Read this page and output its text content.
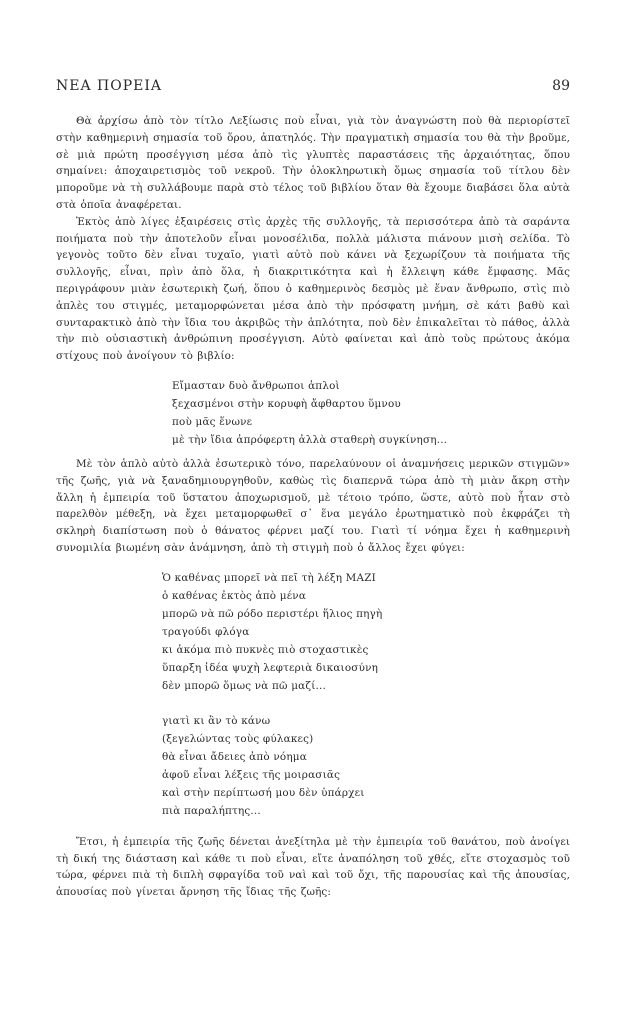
ΝΕΑ ΠΟΡΕΙΑ	89

Θὰ ἀρχίσω ἀπὸ τὸν τίτλο Λεξίωσις ποὺ εἶναι, γιὰ τὸν ἀναγνώστη ποὺ θὰ περιορίστεῖ στὴν καθημερινὴ σημασία τοῦ ὅρου, ἀπατηλός. Τὴν πραγματικὴ σημασία του θὰ τὴν βροῦμε, σὲ μιὰ πρώτη προσέγγιση μέσα ἀπὸ τὶς γλυπτὲς παραστάσεις τῆς ἀρχαιότητας, ὅπου σημαίνει: ἀποχαιρετισμὸς τοῦ νεκροῦ. Τὴν ὁλοκληρωτικὴ ὅμως σημασία τοῦ τίτλου δὲν μποροῦμε νὰ τὴ συλλάβουμε παρὰ στὸ τέλος τοῦ βιβλίου ὅταν θὰ ἔχουμε διαβάσει ὅλα αὐτὰ στὰ ὁποῖα ἀναφέρεται.

Ἐκτὸς ἀπὸ λίγες ἐξαιρέσεις στὶς ἀρχὲς τῆς συλλογῆς, τὰ περισσότερα ἀπὸ τὰ σαράντα ποιήματα ποὺ τὴν ἀποτελοῦν εἶναι μονοσέλιδα, πολλὰ μάλιστα πιάνουν μισὴ σελίδα. Τὸ γεγονὸς τοῦτο δὲν εἶναι τυχαῖο, γιατὶ αὐτὸ ποὺ κάνει νὰ ξεχωρίζουν τὰ ποιήματα τῆς συλλογῆς, εἶναι, πρὶν ἀπὸ ὅλα, ἡ διακριτικότητα καὶ ἡ ἔλλειψη κάθε ἔμφασης. Μᾶς περιγράφουν μιὰν ἐσωτερικὴ ζωή, ὅπου ὁ καθημερινὸς δεσμὸς μὲ ἕναν ἄνθρωπο, στὶς πιὸ ἁπλὲς του στιγμές, μεταμορφώνεται μέσα ἀπὸ τὴν πρόσφατη μνήμη, σὲ κάτι βαθὺ καὶ συνταρακτικὸ ἀπὸ τὴν ἴδια του ἀκριβῶς τὴν ἁπλότητα, ποὺ δὲν ἐπικαλεῖται τὸ πάθος, ἀλλὰ τὴν πιὸ οὐσιαστικὴ ἀνθρώπινη προσέγγιση. Αὐτὸ φαίνεται καὶ ἀπὸ τοὺς πρώτους ἀκόμα στίχους ποὺ ἀνοίγουν τὸ βιβλίο:

Εἴμασταν δυὸ ἄνθρωποι ἁπλοὶ
ξεχασμένοι στὴν κορυφὴ ἄφθαρτου ὕμνου
ποὺ μᾶς ἕνωνε
μὲ τὴν ἴδια ἀπρόφερτη ἀλλὰ σταθερὴ συγκίνηση...

Μὲ τὸν ἁπλὸ αὐτὸ ἀλλὰ ἐσωτερικὸ τόνο, παρελαύνουν οἱ ἀναμνήσεις μερικῶν στιγμῶν» τῆς ζωῆς, γιὰ νὰ ξαναδημιουργηθοῦν, καθὼς τὶς διαπερνᾶ τώρα ἀπὸ τὴ μιὰν ἄκρη στὴν ἄλλη ἡ ἐμπειρία τοῦ ὕστατου ἀποχωρισμοῦ, μὲ τέτοιο τρόπο, ὥστε, αὐτὸ ποὺ ἦταν στὸ παρελθὸν μέθεξη, νὰ ἔχει μεταμορφωθεῖ σ᾿ ἕνα μεγάλο ἐρωτηματικὸ ποὺ ἐκφράζει τὴ σκληρὴ διαπίστωση ποὺ ὁ θάνατος φέρνει μαζί του. Γιατὶ τί νόημα ἔχει ἡ καθημερινὴ συνομιλία βιωμένη σὰν ἀνάμνηση, ἀπὸ τὴ στιγμὴ ποὺ ὁ ἄλλος ἔχει φύγει:

Ὁ καθένας μπορεῖ νὰ πεῖ τὴ λέξη ΜΑΖΙ
ὁ καθένας ἐκτὸς ἀπὸ μένα
μπορῶ νὰ πῶ ρόδο περιστέρι ἥλιος πηγὴ
τραγούδι φλόγα
κι ἀκόμα πιὸ πυκνὲς πιὸ στοχαστικὲς
ὕπαρξη ἰδέα ψυχὴ λεφτεριὰ δικαιοσύνη
δὲν μπορῶ ὅμως νὰ πῶ μαζί...
γιατὶ κι ἂν τὸ κάνω
(ξεγελώντας τοὺς φύλακες)
θὰ εἶναι ἄδειες ἀπὸ νόημα
ἀφοῦ εἶναι λέξεις τῆς μοιρασιᾶς
καὶ στὴν περίπτωσή μου δὲν ὑπάρχει
πιὰ παραλήπτης...

Ἔτσι, ἡ ἐμπειρία τῆς ζωῆς δένεται ἀνεξίτηλα μὲ τὴν ἐμπειρία τοῦ θανάτου, ποὺ ἀνοίγει τὴ δική της διάσταση καὶ κάθε τι ποὺ εἶναι, εἴτε ἀναπόληση τοῦ χθές, εἴτε στοχασμὸς τοῦ τώρα, φέρνει πιὰ τὴ διπλὴ σφραγίδα τοῦ ναὶ καὶ τοῦ ὄχι, τῆς παρουσίας καὶ τῆς ἀπουσίας, ἀπουσίας ποὺ γίνεται ἄρνηση τῆς ἴδιας τῆς ζωῆς:
